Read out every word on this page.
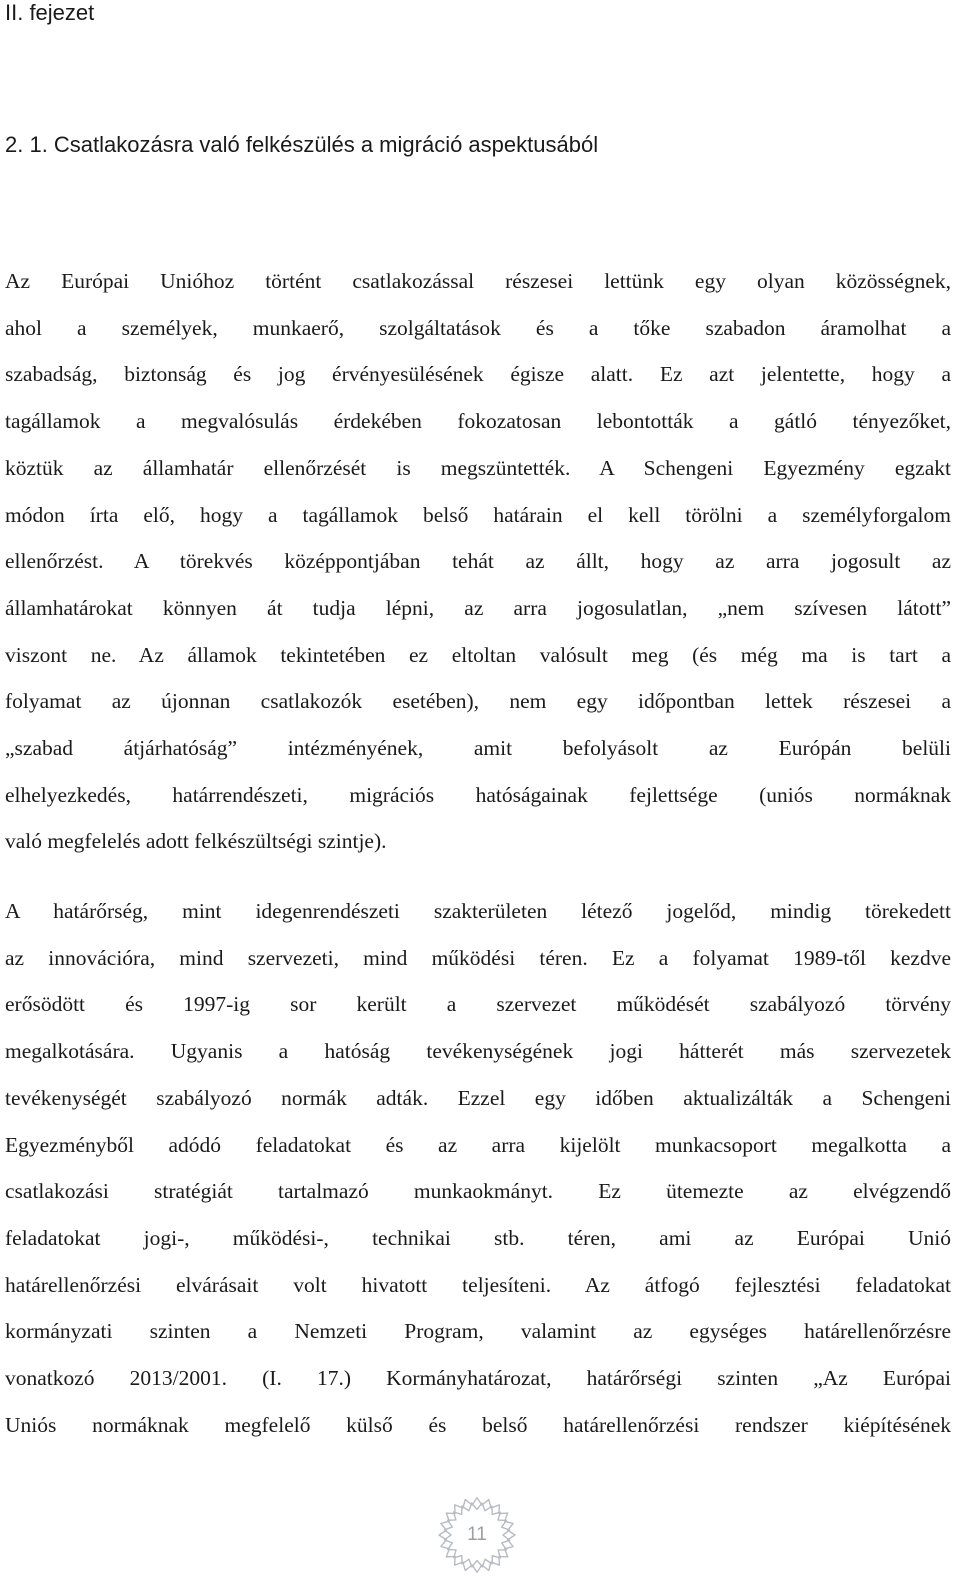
II. fejezet
2. 1. Csatlakozásra való felkészülés a migráció aspektusából
Az Európai Unióhoz történt csatlakozással részesei lettünk egy olyan közösségnek,
ahol a személyek, munkaerő, szolgáltatások és a tőke szabadon áramolhat a
szabadság, biztonság és jog érvényesülésének égisze alatt. Ez azt jelentette, hogy a
tagállamok a megvalósulás érdekében fokozatosan lebontották a gátló tényezőket,
köztük az államhatár ellenőrzését is megszüntették. A Schengeni Egyezmény egzakt
módon írta elő, hogy a tagállamok belső határain el kell törölni a személyforgalom
ellenőrzést. A törekvés középpontjában tehát az állt, hogy az arra jogosult az
államhatárokat könnyen át tudja lépni, az arra jogosulatlan, „nem szívesen látott”
viszont ne. Az államok tekintetében ez eltoltan valósult meg (és még ma is tart a
folyamat az újonnan csatlakozók esetében), nem egy időpontban lettek részesei a
„szabad átjárhatóság” intézményének, amit befolyásolt az Európán belüli
elhelyezkedés, határrendészeti, migrációs hatóságainak fejlettsége (uniós normáknak
való megfelelés adott felkészültségi szintje).
A határőrség, mint idegenrendészeti szakterületen létező jogelőd, mindig törekedett
az innovációra, mind szervezeti, mind működési téren. Ez a folyamat 1989-től kezdve
erősödött és 1997-ig sor került a szervezet működését szabályozó törvény
megalkotására. Ugyanis a hatóság tevékenységének jogi hátterét más szervezetek
tevékenységét szabályozó normák adták. Ezzel egy időben aktualizálták a Schengeni
Egyezményből adódó feladatokat és az arra kijelölt munkacsoport megalkotta a
csatlakozási stratégiát tartalmazó munkaokmányt. Ez ütemezte az elvégzendő
feladatokat jogi-, működési-, technikai stb. téren, ami az Európai Unió
határellenőrzési elvárásait volt hivatott teljesíteni. Az átfogó fejlesztési feladatokat
kormányzati szinten a Nemzeti Program, valamint az egységes határellenőrzésre
vonatkozó 2013/2001. (I. 17.) Kormányhatározat, határőrségi szinten „Az Európai
Uniós normáknak megfelelő külső és belső határellenőrzési rendszer kiépítésének
11
